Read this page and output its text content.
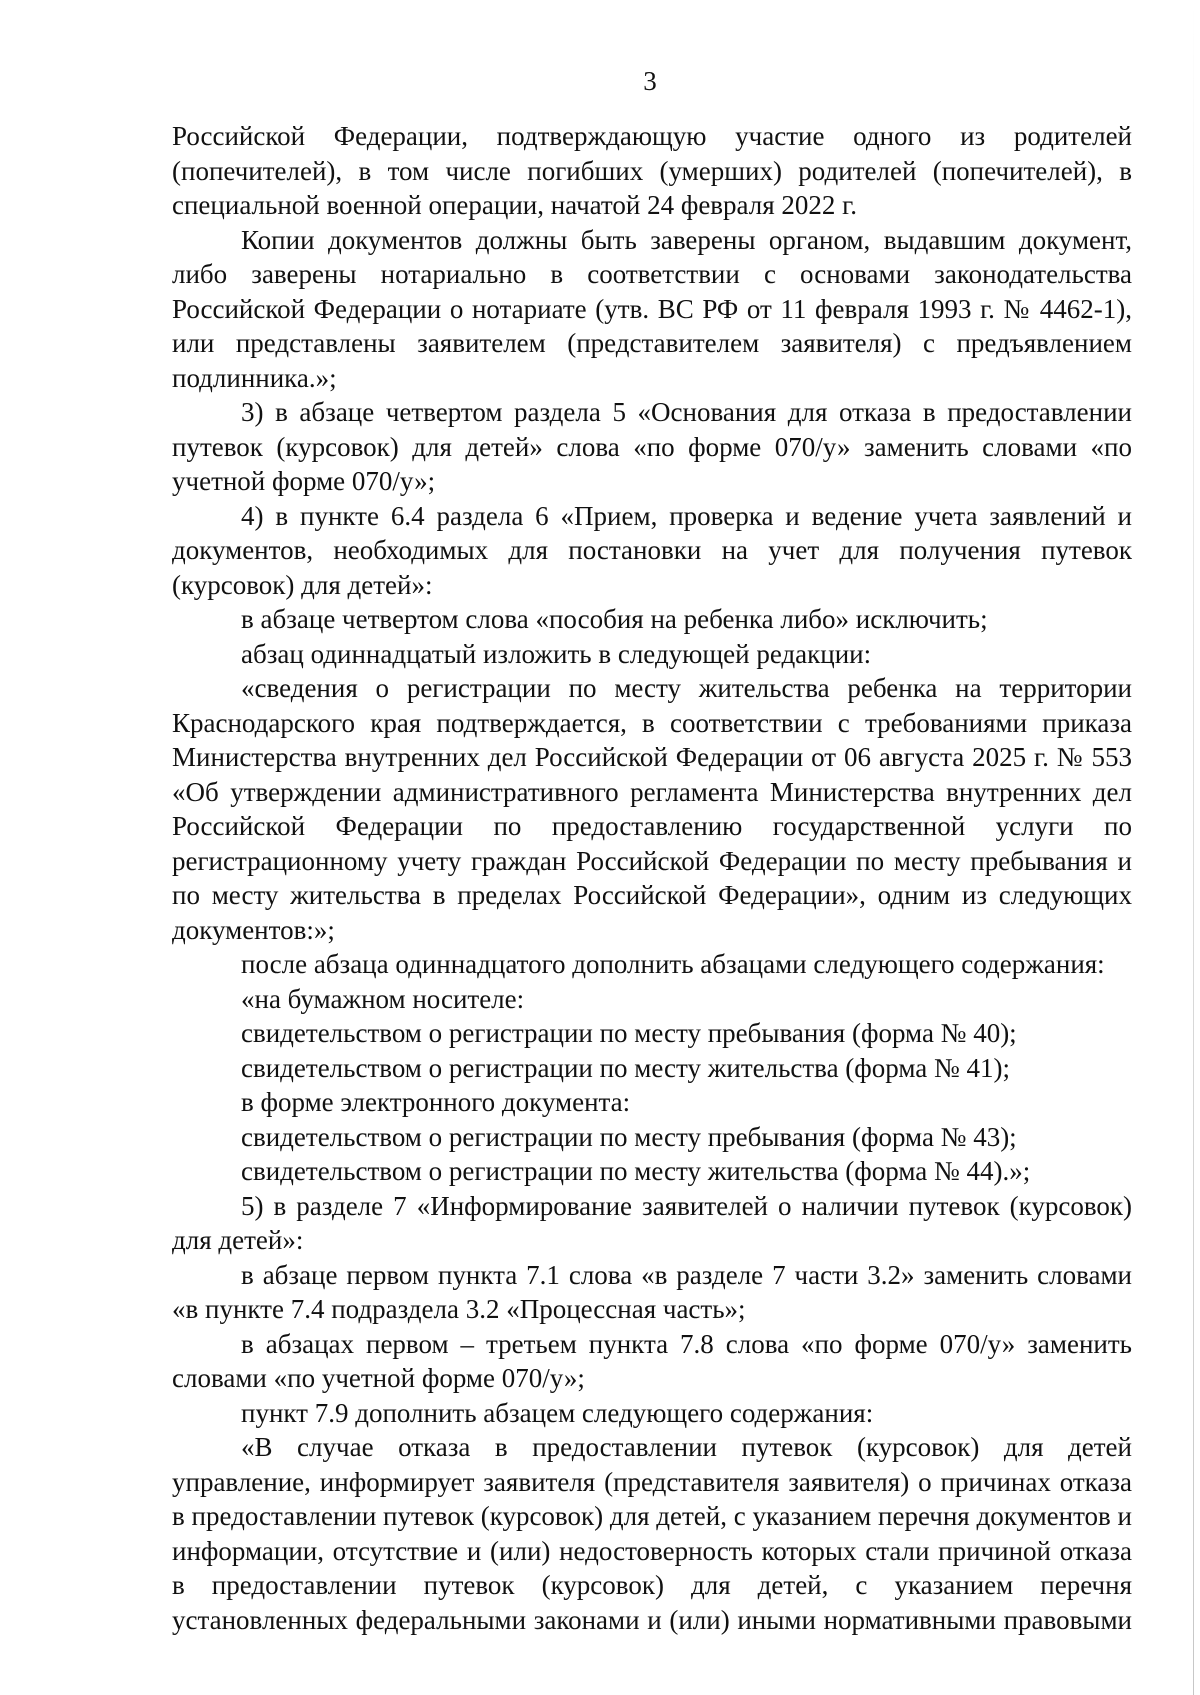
3

Российской Федерации, подтверждающую участие одного из родителей (попечителей), в том числе погибших (умерших) родителей (попечителей), в специальной военной операции, начатой 24 февраля 2022 г.

Копии документов должны быть заверены органом, выдавшим документ, либо заверены нотариально в соответствии с основами законодательства Российской Федерации о нотариате (утв. ВС РФ от 11 февраля 1993 г. № 4462-1), или представлены заявителем (представителем заявителя) с предъявлением подлинника.»;

3) в абзаце четвертом раздела 5 «Основания для отказа в предоставлении путевок (курсовок) для детей» слова «по форме 070/у» заменить словами «по учетной форме 070/у»;

4) в пункте 6.4 раздела 6 «Прием, проверка и ведение учета заявлений и документов, необходимых для постановки на учет для получения путевок (курсовок) для детей»:

в абзаце четвертом слова «пособия на ребенка либо» исключить;

абзац одиннадцатый изложить в следующей редакции:

«сведения о регистрации по месту жительства ребенка на территории Краснодарского края подтверждается, в соответствии с требованиями приказа Министерства внутренних дел Российской Федерации от 06 августа 2025 г. № 553 «Об утверждении административного регламента Министерства внутренних дел Российской Федерации по предоставлению государственной услуги по регистрационному учету граждан Российской Федерации по месту пребывания и по месту жительства в пределах Российской Федерации», одним из следующих документов:»;

после абзаца одиннадцатого дополнить абзацами следующего содержания:

«на бумажном носителе:

свидетельством о регистрации по месту пребывания (форма № 40);

свидетельством о регистрации по месту жительства (форма № 41);

в форме электронного документа:

свидетельством о регистрации по месту пребывания (форма № 43);

свидетельством о регистрации по месту жительства (форма № 44).»;

5) в разделе 7 «Информирование заявителей о наличии путевок (курсовок) для детей»:

в абзаце первом пункта 7.1 слова «в разделе 7 части 3.2» заменить словами «в пункте 7.4 подраздела 3.2 «Процессная часть»;

в абзацах первом – третьем пункта 7.8 слова «по форме 070/у» заменить словами «по учетной форме 070/у»;

пункт 7.9 дополнить абзацем следующего содержания:

«В случае отказа в предоставлении путевок (курсовок) для детей управление, информирует заявителя (представителя заявителя) о причинах отказа в предоставлении путевок (курсовок) для детей, с указанием перечня документов и информации, отсутствие и (или) недостоверность которых стали причиной отказа в предоставлении путевок (курсовок) для детей, с указанием перечня установленных федеральными законами и (или) иными нормативными правовыми
